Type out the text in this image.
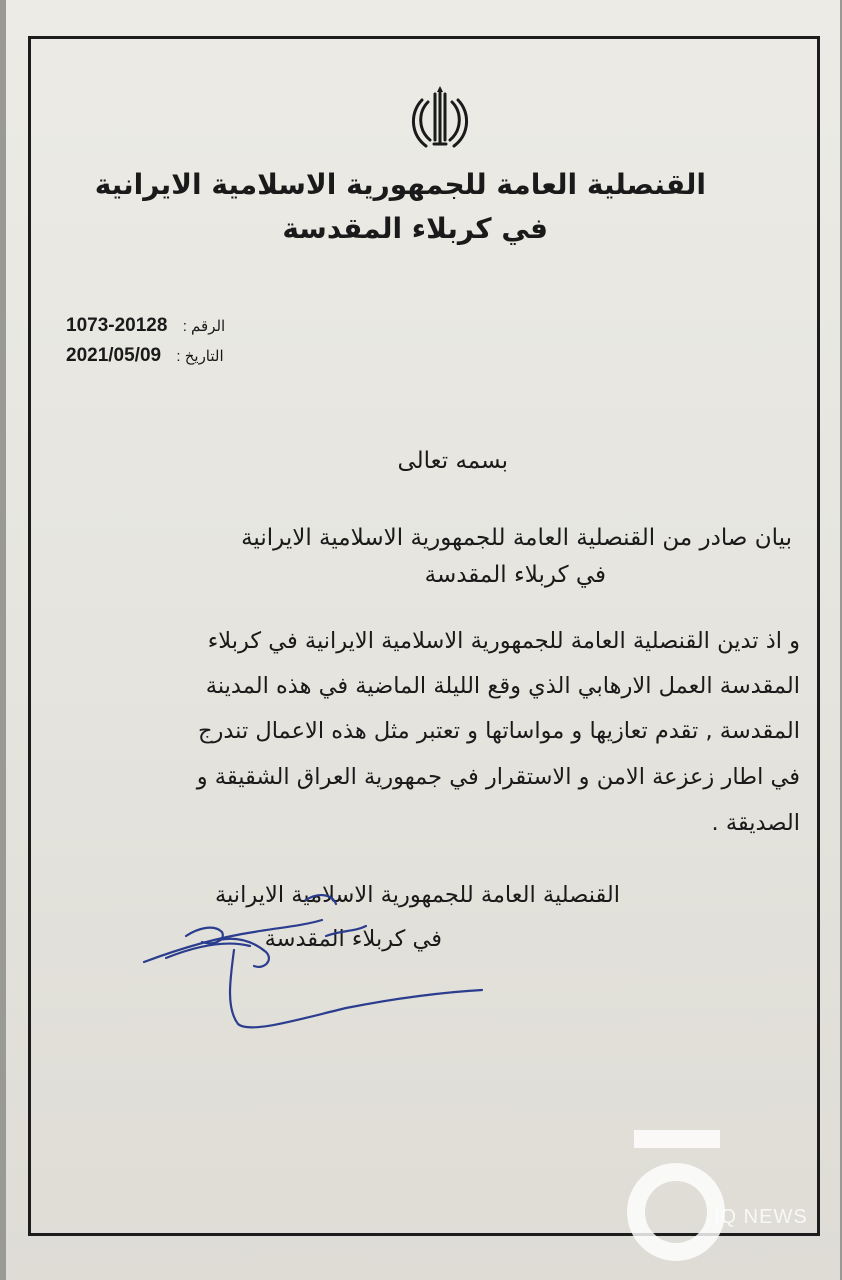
القنصلية العامة للجمهورية الاسلامية الايرانية
في كربلاء المقدسة
1073-20128 الرقم :
2021/05/09 التاريخ :
بسمه تعالى
بيان صادر من القنصلية العامة للجمهورية الاسلامية الايرانية
في كربلاء المقدسة
و اذ تدين القنصلية العامة للجمهورية الاسلامية الايرانية في كربلاء
المقدسة العمل الارهابي الذي وقع الليلة الماضية في هذه المدينة
المقدسة , تقدم تعازيها و مواساتها و تعتبر مثل هذه الاعمال تندرج
في اطار زعزعة الامن و الاستقرار في جمهورية العراق الشقيقة و
الصديقة .
القنصلية العامة للجمهورية الاسلامية الايرانية
في كربلاء المقدسة
IQ NEWS
